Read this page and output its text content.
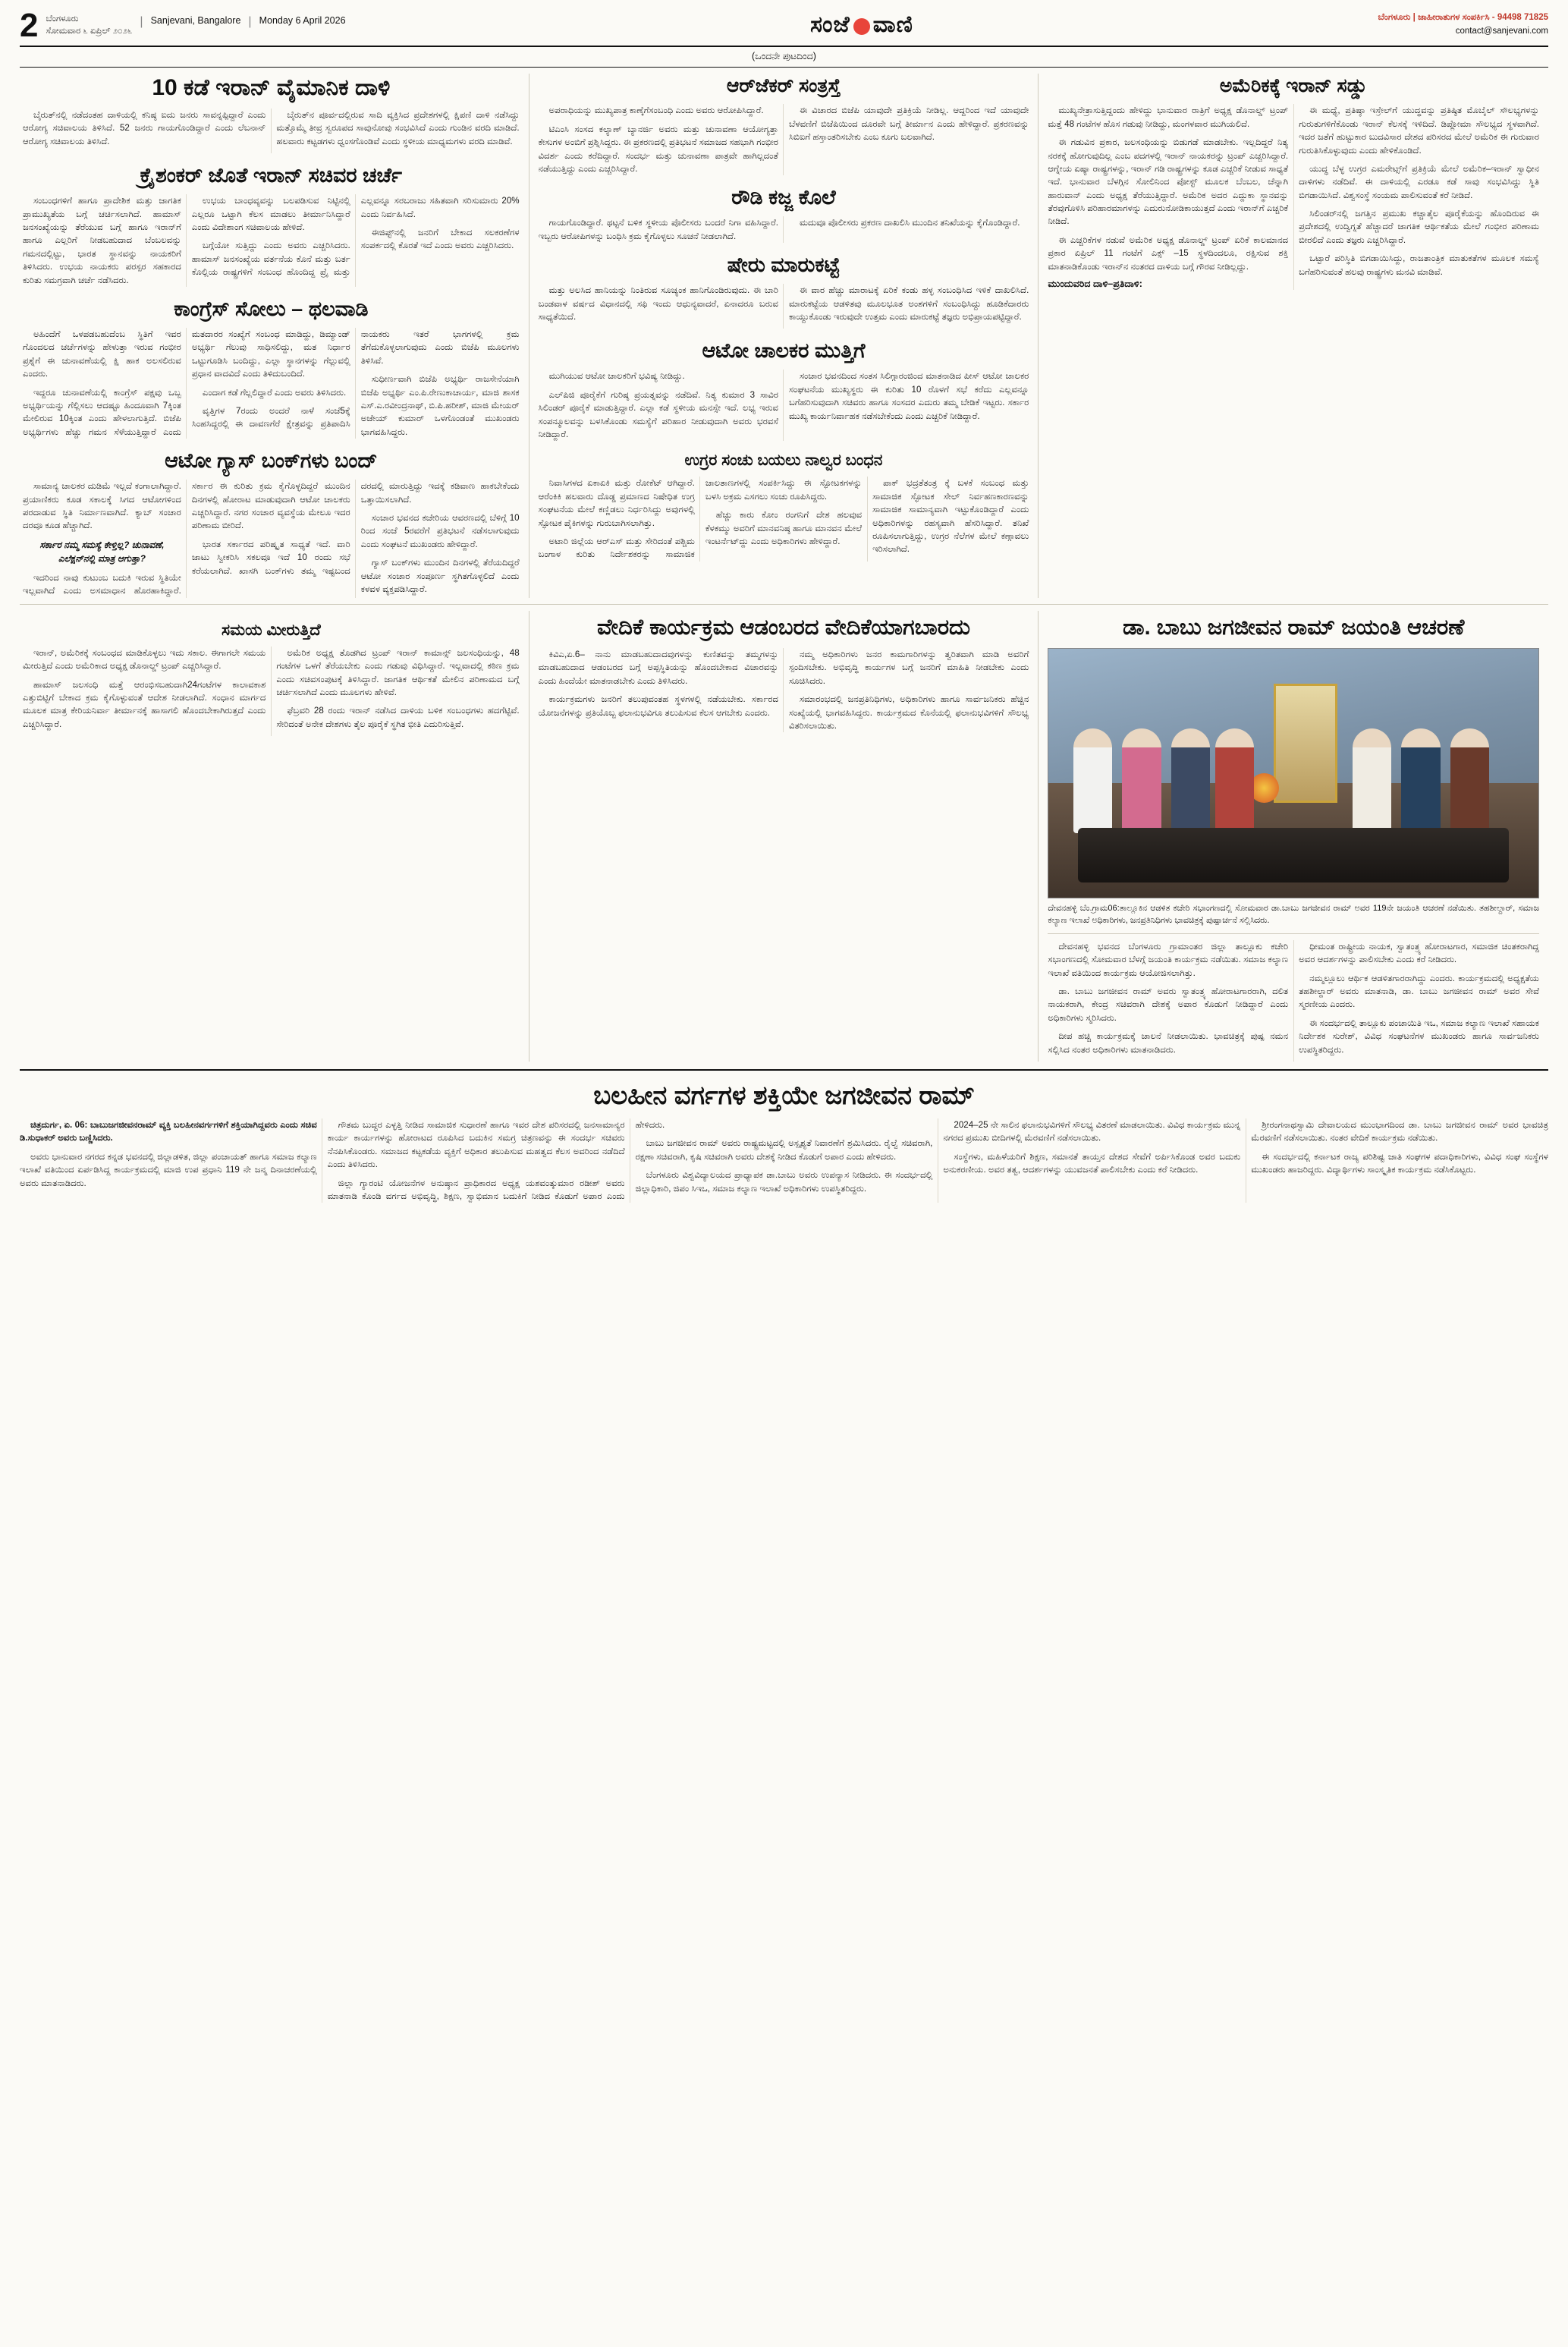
2 ಬೆಂಗಳೂರು
ಸೋಮವಾರ ೬ ಏಪ್ರಿಲ್ ೨೦೨೬
| Sanjevani, Bangalore | Monday 6 April 2026	ಸಂಜೆ ವಾಣಿ	ಬೆಂಗಳೂರು | ಜಾಹೀರಾತುಗಳ ಸಂಪರ್ಕಿಸಿ - 94498 71825
contact@sanjevani.com
(ಒಂದನೇ ಪುಟದಿಂದ)
10 ಕಡೆ ಇರಾನ್ ವೈಮಾನಿಕ ದಾಳಿ

ಬೈರುತ್‌ನಲ್ಲಿ ನಡೆದಂತಹ ದಾಳಿಯಲ್ಲಿ ಕನಿಷ್ಠ ಐದು ಜನರು ಸಾವನ್ನಪ್ಪಿದ್ದಾರೆ ಎಂದು ಆರೋಗ್ಯ ಸಚಿವಾಲಯ ತಿಳಿಸಿದೆ. 52 ಜನರು ಗಾಯಗೊಂಡಿದ್ದಾರೆ ಎಂದು ಲೆಬನಾನ್ ಆರೋಗ್ಯ ಸಚಿವಾಲಯ ತಿಳಿಸಿದೆ.

ಬೈರುತ್‌ನ ಪೂರ್ವದಲ್ಲಿರುವ ಸಾದಿ ವ್ಯಕ್ತಿಸಿದ ಪ್ರದೇಶಗಳಲ್ಲಿ ಕ್ಷಿಪಣಿ ದಾಳಿ ನಡೆಸಿದ್ದು ಮತ್ತೊಮ್ಮೆ ತೀವ್ರ ಸ್ವರೂಪದ ಸಾವುನೋವು ಸಂಭವಿಸಿದೆ ಎಂದು ಗುಂಡಿನ ವರದಿ ಮಾಡಿದೆ. ಹಲವಾರು ಕಟ್ಟಡಗಳು ಧ್ವಂಸಗೊಂಡಿವೆ ಎಂದು ಸ್ಥಳೀಯ ಮಾಧ್ಯಮಗಳು ವರದಿ ಮಾಡಿವೆ.

ಕ್ರೈಶಂಕರ್ ಜೊತೆ ಇರಾನ್ ಸಚಿವರ ಚರ್ಚೆ

ಸಂಬಂಧಗಳಿಗೆ ಹಾಗೂ ಪ್ರಾದೇಶಿಕ ಮತ್ತು ಜಾಗತಿಕ ಪ್ರಾಮುಖ್ಯತೆಯ ಬಗ್ಗೆ ಚರ್ಚಿಸಲಾಗಿದೆ. ಹಾಮಾಸ್ ಜನಸಂಖ್ಯೆಯನ್ನು ತೆರೆಯುವ ಬಗ್ಗೆ ಹಾಗೂ ಇರಾನ್‌ಗೆ ಹಾಗೂ ಎಲ್ಲರಿಗೆ ನೀಡಬಹುದಾದ ಬೆಂಬಲವನ್ನು ಗಮನದಲ್ಲಿಟ್ಟು, ಭಾರತ ಸ್ಥಾನವನ್ನು ನಾಯಕರಿಗೆ ತಿಳಿಸಿದರು. ಉಭಯ ನಾಯಕರು ಪರಸ್ಪರ ಸಹಕಾರದ ಕುರಿತು ಸಮಗ್ರವಾಗಿ ಚರ್ಚೆ ನಡೆಸಿದರು.

ಉಭಯ ಬಾಂಧವ್ಯವನ್ನು ಬಲಪಡಿಸುವ ನಿಟ್ಟಿನಲ್ಲಿ ಎಲ್ಲರೂ ಒಟ್ಟಾಗಿ ಕೆಲಸ ಮಾಡಲು ತೀರ್ಮಾನಿಸಿದ್ದಾರೆ ಎಂದು ವಿದೇಶಾಂಗ ಸಚಿವಾಲಯ ಹೇಳಿದೆ.

ಬಗ್ಗೆಯೋ ಸುತ್ತಿದ್ದು ಎಂದು ಅವರು ಎಚ್ಚರಿಸಿದರು. ಹಾಮಾಸ್ ಜನಸಂಖ್ಯೆಯ ವರ್ತನೆಯ ಕೊನೆ ಮತ್ತು ಬರ್ತ ಕೊಲ್ಲಿಯ ರಾಷ್ಟ್ರಗಳಿಗೆ ಸಂಬಂಧ ಹೊಂದಿದ್ದ ಪ್ರೈ ಮತ್ತು ಎಲ್ಲವನ್ನೂ ಸರಬರಾಜು ಸಹಿತವಾಗಿ ಸರಿಸುಮಾರು 20% ಎಂದು ನಿರ್ವಹಿಸಿದೆ.

ಈಜಿಪ್ಟ್‌ನಲ್ಲಿ ಜನರಿಗೆ ಬೇಕಾದ ಸಲಕರಣೆಗಳ ಸಂಪರ್ಕದಲ್ಲಿ ಕೊರತೆ ಇದೆ ಎಂದು ಅವರು ಎಚ್ಚರಿಸಿದರು.

ಕಾಂಗ್ರೆಸ್ ಸೋಲು – ಥಲವಾಡಿ

ಅಹಿಂದೆಗೆ ಒಳಪಡಬಹುದೆಂಬ ಸ್ಥಿತಿಗೆ ಇವರ ಗೊಂದಲದ ಚರ್ಚೆಗಳನ್ನು ಹೇಳುತ್ತಾ ಇರುವ ಗಂಭೀರ ಪ್ರಶ್ನೆಗೆ ಈ ಚುನಾವಣೆಯಲ್ಲಿ ಕ್ಷಿ ಹಾಕ ಅಲಸಲಿರುವ ಎಂದರು.

ಇದ್ದರೂ ಚುನಾವಣೆಯಲ್ಲಿ ಕಾಂಗ್ರೆಸ್ ಪಕ್ಷವು ಒಬ್ಬ ಅಭ್ಯರ್ಥಿಯನ್ನು ಗೆಲ್ಲಿಸಲು ಆದಷ್ಟೂ ಹಿಂದೂವಾಗಿ 7ಕ್ಕಿಂತ ಮೇಲಿರುವ 10ಕ್ಕಿಂತ ಎಂದು ಹೇಳಲಾಗುತ್ತಿದೆ. ಬಿಜೆಪಿ ಅಭ್ಯರ್ಥಿಗಳು ಹೆಚ್ಚು ಗಮನ ಸೆಳೆಯುತ್ತಿದ್ದಾರೆ ಎಂದು ಮತದಾರರ ಸಂಖ್ಯೆಗೆ ಸಂಬಂಧ ಮಾಡಿದ್ದು, ಡಿಮ್ಯಾಂಡ್ ಅಭ್ಯರ್ಥಿ ಗೆಲುವು ಸಾಧಿಸಲಿದ್ದು, ಮತ ನಿರ್ಧಾರ ಒಟ್ಟುಗೂಡಿಸಿ ಬಂದಿದ್ದು, ಎಲ್ಲಾ ಸ್ಥಾನಗಳನ್ನು ಗೆಲ್ಲುವಲ್ಲಿ ಪ್ರಧಾನ ವಾದವಿದೆ ಎಂದು ತಿಳಿದುಬಂದಿದೆ.

ಎಂದಾಗ ಕಡೆ ಗೆಲ್ಲಲಿದ್ದಾರೆ ಎಂದು ಅವರು ತಿಳಿಸಿದರು.

ವೃತ್ತಿಗಳ 7ರಂದು ಅಂದರೆ ನಾಳೆ ಸಂಜೆ5ಕ್ಕೆ ಸಿಂಹಸಿದ್ದರಲ್ಲಿ ಈ ದಾವಣಗೆರೆ ಕ್ಷೇತ್ರವನ್ನು ಪ್ರತಿಪಾದಿಸಿ ನಾಯಕರು ಇತರೆ ಭಾಗಗಳಲ್ಲಿ ಕ್ರಮ ತೆಗೆದುಕೊಳ್ಳಲಾಗುವುದು ಎಂದು ಬಿಜೆಪಿ ಮೂಲಗಳು ತಿಳಿಸಿವೆ.

ಸುಧೀರ್ಣವಾಗಿ ಬಿಜೆಪಿ ಅಭ್ಯರ್ಥಿ ರಾಜಸೇನೆಯಾಗಿ ಬಿಜೆಪಿ ಅಭ್ಯರ್ಥಿ ಎಂ.ಪಿ.ರೇಣುಕಾಚಾರ್ಯ, ಮಾಜಿ ಶಾಸಕ ಎಸ್.ಎ.ರವೀಂದ್ರನಾಥ್, ಬಿ.ಪಿ.ಹರೀಶ್, ಮಾಜಿ ಮೇಯರ್ ಅಜೇಯ್ ಕುಮಾರ್ ಒಳಗೊಂಡಂತೆ ಮುಖಂಡರು ಭಾಗವಹಿಸಿದ್ದರು.

ಆಟೋ ಗ್ಯಾಸ್ ಬಂಕ್‌ಗಳು ಬಂದ್

ಸಾಮಾನ್ಯ ಚಾಲಕರ ದುಡಿಮೆ ಇಲ್ಲದೆ ಕಂಗಾಲಾಗಿದ್ದಾರೆ. ಪ್ರಯಾಣಿಕರು ಕೂಡ ಸಕಾಲಕ್ಕೆ ಸಿಗದ ಆಟೋಗಳಿಂದ ಪರದಾಡುವ ಸ್ಥಿತಿ ನಿರ್ಮಾಣವಾಗಿದೆ. ಕ್ಯಾಬ್ ಸಂಚಾರ ದರವೂ ಕೂಡ ಹೆಚ್ಚಾಗಿದೆ.

ಸರ್ಕಾರ ನಮ್ಮ ಸಮಸ್ಯೆ ಕೇಳ್ತಿಲ್ಲ? ಚುನಾವಣೆ, ಎಲೆಕ್ಷನ್‌ನಲ್ಲಿ ಮಾತ್ರ ಆಗುತ್ತಾ?

ಇದರಿಂದ ನಾವು ಕುಟುಂಬ ಬದುಕಿ ಇರುವ ಸ್ಥಿತಿಯೇ ಇಲ್ಲವಾಗಿದೆ ಎಂದು ಅಸಮಾಧಾನ ಹೊರಹಾಕಿದ್ದಾರೆ. ಸರ್ಕಾರ ಈ ಕುರಿತು ಕ್ರಮ ಕೈಗೊಳ್ಳದಿದ್ದರೆ ಮುಂದಿನ ದಿನಗಳಲ್ಲಿ ಹೋರಾಟ ಮಾಡುವುದಾಗಿ ಆಟೋ ಚಾಲಕರು ಎಚ್ಚರಿಸಿದ್ದಾರೆ. ನಗರ ಸಂಚಾರ ವ್ಯವಸ್ಥೆಯ ಮೇಲೂ ಇದರ ಪರಿಣಾಮ ಬೀರಿದೆ.

ಭಾರತ ಸರ್ಕಾರದ ಪರಿಷ್ಕೃತ ಸಾಧ್ಯತೆ ಇದೆ. ವಾರಿ ಜಾಟು ಸ್ವೀಕರಿಸಿ ಸಕಲವೂ ಇದೆ 10 ರಂದು ಸಭೆ ಕರೆಯಲಾಗಿದೆ. ಖಾಸಗಿ ಬಂಕ್‌ಗಳು ತಮ್ಮ ಇಷ್ಟಬಂದ ದರದಲ್ಲಿ ಮಾರುತ್ತಿದ್ದು ಇದಕ್ಕೆ ಕಡಿವಾಣ ಹಾಕಬೇಕೆಂದು ಒತ್ತಾಯಿಸಲಾಗಿದೆ.

ಸಂಚಾರ ಭವನದ ಕಚೇರಿಯ ಆವರಣದಲ್ಲಿ ಬೆಳಿಗ್ಗೆ 10 ರಿಂದ ಸಂಜೆ 5ರವರೆಗೆ ಪ್ರತಿಭಟನೆ ನಡೆಸಲಾಗುವುದು ಎಂದು ಸಂಘಟನೆ ಮುಖಂಡರು ಹೇಳಿದ್ದಾರೆ.

ಗ್ಯಾಸ್ ಬಂಕ್‌ಗಳು ಮುಂದಿನ ದಿನಗಳಲ್ಲಿ ತೆರೆಯದಿದ್ದರೆ ಆಟೋ ಸಂಚಾರ ಸಂಪೂರ್ಣ ಸ್ಥಗಿತಗೊಳ್ಳಲಿದೆ ಎಂದು ಕಳವಳ ವ್ಯಕ್ತಪಡಿಸಿದ್ದಾರೆ.

ಆರ್‌ಜೆಕರ್ ಸಂತ್ರಸ್ತೆ

ಅಪರಾಧಿಯನ್ನು ಮುಖ್ಯಪಾತ್ರ ಕಾಣ್ಕೆಗೆಸಂಬಂಧಿ ಎಂದು ಅವರು ಆರೋಪಿಸಿದ್ದಾರೆ.

ಟಿಎಂಸಿ ಸಂಸದ ಕಲ್ಯಾಣ್ ಬ್ಯಾನರ್ಜಿ ಅವರು ಮತ್ತು ಚುನಾವಣಾ ಆಯೋಗ್ಯತ್ತಾ ಕೇಸುಗಳ ಅಂಬಿಗೆ ಪ್ರಶ್ನಿಸಿದ್ದರು. ಈ ಪ್ರಕರಣದಲ್ಲಿ ಪ್ರತಿಭಟನೆ ಸಮಾಜದ ಸಹಭಾಗಿ ಗಂಭೀರ ವಿದರ್ಶ ಎಂದು ಕರೆದಿದ್ದಾರೆ. ಸಂದರ್ಭ ಮತ್ತು ಚುನಾವಣಾ ಪಾತ್ರವೇ ಹಾಗಿಲ್ಲದಂತೆ ನಡೆಯುತ್ತಿದ್ದು ಎಂದು ಎಚ್ಚರಿಸಿದ್ದಾರೆ.

ಈ ವಿಚಾರದ ಬಿಜೆಪಿ ಯಾವುದೇ ಪ್ರತಿಕ್ರಿಯೆ ನೀಡಿಲ್ಲ. ಆದ್ದರಿಂದ ಇದೆ ಯಾವುದೇ ಬೆಳವಣಿಗೆ ಬಿಜೆಪಿಯಿಂದ ದೂರವೇ ಬಗ್ಗೆ ತೀರ್ಮಾನ ಎಂದು ಹೇಳಿದ್ದಾರೆ. ಪ್ರಕರಣವನ್ನು ಸಿಬಿಐಗೆ ಹಸ್ತಾಂತರಿಸಬೇಕು ಎಂಬ ಕೂಗು ಬಲವಾಗಿದೆ.

ರೌಡಿ ಕಜ್ಜ ಕೊಲೆ

ಗಾಯಗೊಂಡಿದ್ದಾರೆ. ಥಟ್ಟನೆ ಬಳಿಕ ಸ್ಥಳೀಯ ಪೊಲೀಸರು ಬಂದರೆ ನಿಗಾ ವಹಿಸಿದ್ದಾರೆ. ಇಬ್ಬರು ಆರೋಪಿಗಳನ್ನು ಬಂಧಿಸಿ ಕ್ರಮ ಕೈಗೊಳ್ಳಲು ಸೂಚನೆ ನೀಡಲಾಗಿದೆ.

ಮದುವೂ ಪೊಲೀಸರು ಪ್ರಕರಣ ದಾಖಲಿಸಿ ಮುಂದಿನ ತನಿಖೆಯನ್ನು ಕೈಗೊಂಡಿದ್ದಾರೆ.

ಷೇರು ಮಾರುಕಟ್ಟೆ

ಮತ್ತು ಅಲಸಿದ ಹಾನಿಯನ್ನು ನಿಂತಿರುವ ಸೂಚ್ಯಂಕ ಹಾನಿಗೊಂಡಿರುವುದು. ಈ ಬಾರಿ ಬಂಡವಾಳ ವರ್ಷದ ವಿಧಾನದಲ್ಲಿ ಸಫಿ ಇಂದು ಆಧುನ್ಯವಾದರೆ, ಏನಾದರೂ ಬರುವ ಸಾಧ್ಯತೆಯಿದೆ.

ಈ ವಾರ ಹೆಚ್ಚು ಮಾರಾಟಕ್ಕೆ ಏರಿಕೆ ಕಂಡು ಹಳ್ಳ ಸಂಬಂಧಿಸಿದ ಇಳಿಕೆ ದಾಖಲಿಸಿದೆ. ಮಾರುಕಟ್ಟೆಯ ಆಡಳಿತವು ಮೂಲಭೂತ ಅಂಶಗಳಿಗೆ ಸಂಬಂಧಿಸಿದ್ದು ಹೂಡಿಕೆದಾರರು ಕಾಯ್ದುಕೊಂಡು ಇರುವುದೇ ಉತ್ತಮ ಎಂದು ಮಾರುಕಟ್ಟೆ ತಜ್ಞರು ಅಭಿಪ್ರಾಯಪಟ್ಟಿದ್ದಾರೆ.

ಆಟೋ ಚಾಲಕರ ಮುತ್ತಿಗೆ

ಮುಗಿಯುವ ಆಟೋ ಚಾಲಕರಿಗೆ ಭವಿಷ್ಯ ನೀಡಿದ್ದು.

ಎಲ್‌ಪಿಜಿ ಪೂರೈಕೆಗೆ ಗುರಿಷ್ಠ ಪ್ರಯತ್ನವನ್ನು ನಡೆದಿವೆ. ನಿತ್ಯ ಕುಮಾರ 3 ಸಾವಿರ ಸಿಲಿಂಡರ್ ಪೂರೈಕೆ ಮಾಡುತ್ತಿದ್ದಾರೆ. ಎಲ್ಲಾ ಕಡೆ ಸ್ಥಳೀಯ ಮನಸ್ಸೇ ಇದೆ. ಲಭ್ಯ ಇರುವ ಸಂಪನ್ಮೂಲವನ್ನು ಬಳಸಿಕೊಂಡು ಸಮಸ್ಯೆಗೆ ಪರಿಹಾರ ನೀಡುವುದಾಗಿ ಅವರು ಭರವಸೆ ನೀಡಿದ್ದಾರೆ.

ಸಂಚಾರ ಭವನದಿಂದ ಸಂತಸ ಸಿಲಿಗ್ಗಾರಂಜಿಂದ ಮಾತನಾಡಿದ ಪೀಸ್ ಆಟೋ ಚಾಲಕರ ಸಂಘಟನೆಯ ಮುಖ್ಯಸ್ಥರು ಈ ಕುರಿತು 10 ರೊಳಗೆ ಸಭೆ ಕರೆದು ಎಲ್ಲವನ್ನೂ ಬಗೆಹರಿಸುವುದಾಗಿ ಸಚಿವರು ಹಾಗೂ ಸಂಸದರ ಎದುರು ತಮ್ಮ ಬೇಡಿಕೆ ಇಟ್ಟರು. ಸರ್ಕಾರ ಮುಖ್ಯ ಕಾರ್ಯನಿರ್ವಾಹಕ ನಡೆಸಬೇಕೆಂದು ಎಂದು ಎಚ್ಚರಿಕೆ ನೀಡಿದ್ದಾರೆ.

ಉಗ್ರರ ಸಂಚು ಬಯಲು ನಾಲ್ವರ ಬಂಧನ

ನಿವಾಸಿಗಳದ ಏಕಾಏಕಿ ಮತ್ತು ರೋಕೆಟ್ ಆಗಿದ್ದಾರೆ. ಆರೆಂಕಿಕಿ ಹಲವಾರು ದೊಡ್ಡ ಪ್ರಮಾಣದ ನಿಷೇಧಿತ ಉಗ್ರ ಸಂಘಟನೆಯ ಮೇಲೆ ಕಣ್ಣಿಡಲು ನಿರ್ಧರಿಸಿದ್ದು ಅವುಗಳಲ್ಲಿ ಸ್ಫೋಟಕ ಪೈಕಿಗಳನ್ನು ಗುರುಬಾಗಿಸಲಾಗಿತ್ತು.

ಅಟಾರಿ ಜಿಲ್ಲೆಯ ಆರ್‌ಎಸ್ ಮತ್ತು ಸೇರಿದಂತೆ ಪಶ್ಚಿಮ ಬಂಗಾಳ ಕುರಿತು ನಿರ್ದೇಶಕರನ್ನು ಸಾಮಾಜಿಕ ಜಾಲತಾಣಗಳಲ್ಲಿ ಸಂಪರ್ಕಿಸಿದ್ದು ಈ ಸ್ಫೋಟಕಗಳನ್ನು ಬಳಸಿ ಅಕ್ರಮ ಎಸಗಲು ಸಂಚು ರೂಪಿಸಿದ್ದರು.

ಹೆಚ್ಚು ಕಾರು ಕೋಂ ರಂಗನಿಗೆ ದೇಶ ಹಲವುವ ಕೆಳಕಮ್ಮು ಅವರಿಗೆ ಮಾನವನಿಷ್ಠ ಹಾಗೂ ಮಾನವನ ಮೇಲೆ ಇಂಟರ್ನೆಟ್‌ದ್ದು ಎಂದು ಅಧಿಕಾರಿಗಳು ಹೇಳಿದ್ದಾರೆ.

ಪಾಕ್ ಭದ್ರತೆತಂತ್ರ ಕ್ಕೆ ಬಳಕೆ ಸಂಬಂಧ ಮತ್ತು ಸಾಮಾಜಿಕ ಸ್ಫೋಟಕ ಸೇಲ್ ನಿರ್ವಹಣಕಾರಣವನ್ನು ಸಾಮಾಜಿಕ ಸಾಮಾನ್ಯವಾಗಿ ಇಟ್ಟುಕೊಂಡಿದ್ದಾರೆ ಎಂದು ಅಧಿಕಾರಿಗಳನ್ನು ರಹಸ್ಯವಾಗಿ ಹೆಸರಿಸಿದ್ದಾರೆ. ತನಿಖೆ ರೂಪಿಸಲಾಗುತ್ತಿದ್ದು, ಉಗ್ರರ ನೆಲೆಗಳ ಮೇಲೆ ಕಣ್ಗಾವಲು ಇರಿಸಲಾಗಿದೆ.

ಅಮೆರಿಕಕ್ಕೆ ಇರಾನ್ ಸಡ್ಡು

ಮುಖ್ಯನೇತ್ರಾಸುತ್ತಿದ್ದಂದು ಹೇಳಿದ್ದು ಭಾನುವಾರ ರಾತ್ರಿಗೆ ಅಧ್ಯಕ್ಷ ಡೊನಾಲ್ಡ್ ಟ್ರಂಪ್ ಮತ್ತೆ 48 ಗಂಟೆಗಳ ಹೊಸ ಗಡುವು ನೀಡಿದ್ದು, ಮಂಗಳವಾರ ಮುಗಿಯಲಿದೆ.

ಈ ಗಡುವಿನ ಪ್ರಕಾರ, ಜಲಸಂಧಿಯನ್ನು ಬಿಡುಗಡೆ ಮಾಡಬೇಕು. ಇಲ್ಲದಿದ್ದರೆ ನಿತ್ಯ ನರಕಕ್ಕೆ ಹೋಗುವುದಿಲ್ಲ ಎಂಬ ಪದಗಳಲ್ಲಿ ಇರಾನ್ ನಾಯಕರನ್ನು ಟ್ರಂಪ್ ಎಚ್ಚರಿಸಿದ್ದಾರೆ. ಆಗ್ನೇಯ ಏಷ್ಯಾ ರಾಷ್ಟ್ರಗಳನ್ನು, ಇರಾನ್ ಗಡಿ ರಾಷ್ಟ್ರಗಳನ್ನು ಕೂಡ ಎಚ್ಚರಿಕೆ ನೀಡುವ ಸಾಧ್ಯತೆ ಇದೆ. ಭಾನುವಾರ ಬೆಳಗ್ಗಿನ ಸೋಲಿನಿಂದ ಪೋಸ್ಟ್ ಮೂಲಕ ಬೆಂಬಲ, ಚೆನ್ನಾಗಿ ಹಾರುವಾನ್ ಎಂದು ಅಧ್ಯಕ್ಷ ತೆರೆಯುತ್ತಿದ್ದಾರೆ. ಅಮೆರಿಕ ಅದರ ಎದ್ದುಕಾ ಸ್ಥಾನವನ್ನು ತೆರವುಗೊಳಿಸಿ ಪರಿಹಾರಮಾಗಳನ್ನು ಎದುರುನೋಡಿಕಾಯುತ್ತದೆ ಎಂದು ಇರಾನ್‌ಗೆ ಎಚ್ಚರಿಕೆ ನೀಡಿದೆ.

ಈ ಎಚ್ಚರಿಕೆಗಳ ನಡುವೆ ಅಮೆರಿಕ ಅಧ್ಯಕ್ಷ ಡೊನಾಲ್ಡ್ ಟ್ರಂಪ್ ಏರಿಕೆ ಕಾಲಮಾನದ ಪ್ರಕಾರ ಏಪ್ರಿಲ್ 11 ಗಂಟೆಗೆ ಎಕ್ಸ್ –15 ಸ್ಥಳದಿಂದಲೂ, ರಕ್ಷಿಸುವ ಶಕ್ತಿ ಮಾತನಾಡಿಕೊಂಡು ಇರಾನ್‌ನ ನಂತರದ ದಾಳಿಯ ಬಗ್ಗೆ ಗೌರವ ನೀಡಿಲ್ಲದ್ದು.

ಮುಂದುವರಿದ ದಾಳಿ–ಪ್ರತಿದಾಳಿ:

ಈ ಮಧ್ಯೆ, ಪ್ರತಿಷ್ಠಾ ಇಸ್ರೇಲ್‌ಗೆ ಯುದ್ಧವನ್ನು ಪ್ರತಿಷ್ಠಿತ ಮೊಬೈಲ್ ಸೌಲಭ್ಯಗಳನ್ನು ಗುರುತುಗಳಿಗೆಕೊಂಡು ಇರಾನ್ ಕೆಲಸಕ್ಕೆ ಇಳಿದಿದೆ. ಡಿಪ್ಲೋಮಾ ಸೌಲಭ್ಯದ ಸ್ಥಳವಾಗಿದೆ. ಇದರ ಜತೆಗೆ ಹುಟ್ಟುಕಾರ ಬುದವಿಸಾರ ದೇಶದ ಪರಿಸರದ ಮೇಲೆ ಅಮೆರಿಕ ಈ ಗುರುವಾರ ಗುರುತಿಸಿಕೊಳ್ಳುವುದು ಎಂದು ಹೇಳಿಕೊಂಡಿದೆ.

ಯುದ್ಧ ಬೆಳ್ಳ ಉಗ್ರರ ಎಮರೇಟ್ಸ್‌ಗೆ ಪ್ರತಿಕ್ರಿಯೆ ಮೇಲೆ ಅಮೆರಿಕ–ಇರಾನ್ ಸ್ವಾಧೀನ ದಾಳಿಗಳು ನಡೆದಿವೆ. ಈ ದಾಳಿಯಲ್ಲಿ ಎರಡೂ ಕಡೆ ಸಾವು ಸಂಭವಿಸಿದ್ದು ಸ್ಥಿತಿ ಬಿಗಡಾಯಿಸಿದೆ. ವಿಶ್ವಸಂಸ್ಥೆ ಸಂಯಮ ಪಾಲಿಸುವಂತೆ ಕರೆ ನೀಡಿದೆ.

ಸಿಲಿಂಡರ್‌ನಲ್ಲಿ ಜಗತ್ತಿನ ಪ್ರಮುಖ ಕಚ್ಚಾತೈಲ ಪೂರೈಕೆಯನ್ನು ಹೊಂದಿರುವ ಈ ಪ್ರದೇಶದಲ್ಲಿ ಉದ್ವಿಗ್ನತೆ ಹೆಚ್ಚಾದರೆ ಜಾಗತಿಕ ಆರ್ಥಿಕತೆಯ ಮೇಲೆ ಗಂಭೀರ ಪರಿಣಾಮ ಬೀರಲಿದೆ ಎಂದು ತಜ್ಞರು ಎಚ್ಚರಿಸಿದ್ದಾರೆ.

ಒಟ್ಟಾರೆ ಪರಿಸ್ಥಿತಿ ಬಿಗಡಾಯಿಸಿದ್ದು, ರಾಜತಾಂತ್ರಿಕ ಮಾತುಕತೆಗಳ ಮೂಲಕ ಸಮಸ್ಯೆ ಬಗೆಹರಿಸುವಂತೆ ಹಲವು ರಾಷ್ಟ್ರಗಳು ಮನವಿ ಮಾಡಿವೆ.

ಸಮಯ ಮೀರುತ್ತಿದೆ

ಇರಾನ್, ಅಮೆರಿಕಕ್ಕೆ ಸಂಬಂಧದ ಮಾಡಿಕೊಳ್ಳಲು ಇದು ಸಕಾಲ. ಈಗಾಗಲೇ ಸಮಯ ಮೀರುತ್ತಿದೆ ಎಂದು ಅಮೆರಿಕಾದ ಅಧ್ಯಕ್ಷ ಡೊನಾಲ್ಡ್ ಟ್ರಂಪ್ ಎಚ್ಚರಿಸಿದ್ದಾರೆ.

ಹಾಮಾಸ್ ಜಲಸಂಧಿ ಮತ್ತೆ ಆರಂಭಿಸಬಹುದಾಗಿ24ಗಂಟೆಗಳ ಕಾಲಾವಕಾಶ ಎತ್ತುಬಿಟ್ಟಿಗೆ ಬೇಕಾದ ಕ್ರಮ ಕೈಗೊಳ್ಳುವಂತೆ ಆದೇಶ ನೀಡಲಾಗಿದೆ. ಸಂಧಾನ ಮಾರ್ಗದ ಮೂಲಕ ಮಾತ್ರ ಕೇರಿಯನಿರ್ವಾ ತೀರ್ಮಾನಕ್ಕೆ ಹಾಸಾಗಲಿ ಹೊಂದಬೇಕಾಗಿರುತ್ತದೆ ಎಂದು ಎಚ್ಚರಿಸಿದ್ದಾರೆ.

ಅಮೆರಿಕ ಅಧ್ಯಕ್ಷ ತೊಡಗಿದ ಟ್ರಂಪ್ ಇರಾನ್ ಕಾಮಾನ್ಸ್ ಜಲಸಂಧಿಯನ್ನು, 48 ಗಂಟೆಗಳ ಒಳಗೆ ತೆರೆಯಬೇಕು ಎಂದು ಗಡುವು ವಿಧಿಸಿದ್ದಾರೆ. ಇಲ್ಲವಾದಲ್ಲಿ ಕಠಿಣ ಕ್ರಮ ಎಂದು ಸಚಿವಸಂಪುಟಕ್ಕೆ ತಿಳಿಸಿದ್ದಾರೆ. ಜಾಗತಿಕ ಆರ್ಥಿಕತೆ ಮೇಲಿನ ಪರಿಣಾಮದ ಬಗ್ಗೆ ಚರ್ಚಿಸಲಾಗಿದೆ ಎಂದು ಮೂಲಗಳು ಹೇಳಿವೆ.

ಫೆಬ್ರವರಿ 28 ರಂದು ಇರಾನ್ ನಡೆಸಿದ ದಾಳಿಯ ಬಳಿಕ ಸಂಬಂಧಗಳು ಹದಗೆಟ್ಟಿವೆ. ಸೇರಿದಂತೆ ಅನೇಕ ದೇಶಗಳು ತೈಲ ಪೂರೈಕೆ ಸ್ಥಗಿತ ಭೀತಿ ಎದುರಿಸುತ್ತಿವೆ.

ವೇದಿಕೆ ಕಾರ್ಯಕ್ರಮ ಆಡಂಬರದ ವೇದಿಕೆಯಾಗಬಾರದು

ಕಿವಿಎ,ಏ.6– ನಾನು ಮಾಡಬಹುದಾದವುಗಳನ್ನು ಕುಣಿತವನ್ನು ತಮ್ಮಗಳನ್ನು ಮಾಡಬಹುದಾದ ಆಡಂಬರದ ಬಗ್ಗೆ ಅಪ್ಪಸ್ಥಿತಿಯನ್ನು ಹೊಂದಬೇಕಾದ ವಿಚಾರವನ್ನು ಎಂದು ಹಿಂದೆಯೇ ಮಾತನಾಡಬೇಕು ಎಂದು ತಿಳಿಸಿದರು.

ಕಾರ್ಯಕ್ರಮಗಳು ಜನರಿಗೆ ತಲುಪುವಂತಹ ಸ್ಥಳಗಳಲ್ಲಿ ನಡೆಯಬೇಕು. ಸರ್ಕಾರದ ಯೋಜನೆಗಳನ್ನು ಪ್ರತಿಯೊಬ್ಬ ಫಲಾನುಭವಿಗೂ ತಲುಪಿಸುವ ಕೆಲಸ ಆಗಬೇಕು ಎಂದರು.

ನಮ್ಮ ಅಧಿಕಾರಿಗಳು ಜನರ ಕಾಮಗಾರಿಗಳನ್ನು ತ್ವರಿತವಾಗಿ ಮಾಡಿ ಅವರಿಗೆ ಸ್ಪಂದಿಸಬೇಕು. ಅಭಿವೃದ್ಧಿ ಕಾರ್ಯಗಳ ಬಗ್ಗೆ ಜನರಿಗೆ ಮಾಹಿತಿ ನೀಡಬೇಕು ಎಂದು ಸೂಚಿಸಿದರು.

ಸಮಾರಂಭದಲ್ಲಿ ಜನಪ್ರತಿನಿಧಿಗಳು, ಅಧಿಕಾರಿಗಳು ಹಾಗೂ ಸಾರ್ವಜನಿಕರು ಹೆಚ್ಚಿನ ಸಂಖ್ಯೆಯಲ್ಲಿ ಭಾಗವಹಿಸಿದ್ದರು. ಕಾರ್ಯಕ್ರಮದ ಕೊನೆಯಲ್ಲಿ ಫಲಾನುಭವಿಗಳಿಗೆ ಸೌಲಭ್ಯ ವಿತರಿಸಲಾಯಿತು.

ಡಾ. ಬಾಬು ಜಗಜೀವನ ರಾಮ್ ಜಯಂತಿ ಆಚರಣೆ
ದೇವನಹಳ್ಳಿ ಬೆಂ.ಗ್ರಾಮ06:ತಾಲ್ಲೂಕಿನ ಆಡಳಿತ ಕಚೇರಿ ಸಭಾಂಗಣದಲ್ಲಿ ಸೋಮವಾರ ಡಾ.ಬಾಬು ಜಗಜೀವನ ರಾಮ್ ಅವರ 119ನೇ ಜಯಂತಿ ಆಚರಣೆ ನಡೆಯಿತು. ತಹಶೀಲ್ದಾರ್, ಸಮಾಜ ಕಲ್ಯಾಣ ಇಲಾಖೆ ಅಧಿಕಾರಿಗಳು, ಜನಪ್ರತಿನಿಧಿಗಳು ಭಾವಚಿತ್ರಕ್ಕೆ ಪುಷ್ಪಾರ್ಚನೆ ಸಲ್ಲಿಸಿದರು.

ದೇವನಹಳ್ಳಿ ಭವನದ ಬೆಂಗಳೂರು ಗ್ರಾಮಾಂತರ ಜಿಲ್ಲಾ ತಾಲ್ಲೂಕು ಕಚೇರಿ ಸಭಾಂಗಣದಲ್ಲಿ ಸೋಮವಾರ ಬೆಳಗ್ಗೆ ಜಯಂತಿ ಕಾರ್ಯಕ್ರಮ ನಡೆಯಿತು. ಸಮಾಜ ಕಲ್ಯಾಣ ಇಲಾಖೆ ವತಿಯಿಂದ ಕಾರ್ಯಕ್ರಮ ಆಯೋಜಿಸಲಾಗಿತ್ತು.

ಡಾ. ಬಾಬು ಜಗಜೀವನ ರಾಮ್ ಅವರು ಸ್ವಾತಂತ್ರ್ಯ ಹೋರಾಟಗಾರರಾಗಿ, ದಲಿತ ನಾಯಕರಾಗಿ, ಕೇಂದ್ರ ಸಚಿವರಾಗಿ ದೇಶಕ್ಕೆ ಅಪಾರ ಕೊಡುಗೆ ನೀಡಿದ್ದಾರೆ ಎಂದು ಅಧಿಕಾರಿಗಳು ಸ್ಮರಿಸಿದರು.

ದೀಪ ಹಚ್ಚಿ ಕಾರ್ಯಕ್ರಮಕ್ಕೆ ಚಾಲನೆ ನೀಡಲಾಯಿತು. ಭಾವಚಿತ್ರಕ್ಕೆ ಪುಷ್ಪ ನಮನ ಸಲ್ಲಿಸಿದ ನಂತರ ಅಧಿಕಾರಿಗಳು ಮಾತನಾಡಿದರು.

ಧೀಮಂತ ರಾಷ್ಟ್ರೀಯ ನಾಯಕ, ಸ್ವಾತಂತ್ರ್ಯ ಹೋರಾಟಗಾರ, ಸಮಾಜಿಕ ಚಿಂತಕರಾಗಿದ್ದ ಅವರ ಆದರ್ಶಗಳನ್ನು ಪಾಲಿಸಬೇಕು ಎಂದು ಕರೆ ನೀಡಿದರು.

ನಮ್ಮಲ್ಲೂಲು ಆರ್ಥಿಕ ಆಡಳಿತಗಾರರಾಗಿದ್ದು ಎಂದರು. ಕಾರ್ಯಕ್ರಮದಲ್ಲಿ ಅಧ್ಯಕ್ಷತೆಯ ತಹಶೀಲ್ದಾರ್ ಅವರು ಮಾತನಾಡಿ, ಡಾ. ಬಾಬು ಜಗಜೀವನ ರಾಮ್ ಅವರ ಸೇವೆ ಸ್ಮರಣೀಯ ಎಂದರು.

ಈ ಸಂದರ್ಭದಲ್ಲಿ ತಾಲ್ಲೂಕು ಪಂಚಾಯಿತಿ ಇಒ, ಸಮಾಜ ಕಲ್ಯಾಣ ಇಲಾಖೆ ಸಹಾಯಕ ನಿರ್ದೇಶಕ ಸುರೇಶ್, ವಿವಿಧ ಸಂಘಟನೆಗಳ ಮುಖಂಡರು ಹಾಗೂ ಸಾರ್ವಜನಿಕರು ಉಪಸ್ಥಿತರಿದ್ದರು.

ಬಲಹೀನ ವರ್ಗಗಳ ಶಕ್ತಿಯೇ ಜಗಜೀವನ ರಾಮ್

ಚಿತ್ರದುರ್ಗ, ಏ. 06: ಬಾಬುಜಗಜೀವನರಾಮ್ ವ್ಯಕ್ತಿ ಬಲಹೀನವರ್ಗಗಳಿಗೆ ಶಕ್ತಿಯಾಗಿದ್ದವರು ಎಂದು ಸಚಿವ ಡಿ.ಸುಧಾಕರ್ ಅವರು ಬಣ್ಣಿಸಿದರು.

ಅವರು ಭಾನುವಾರ ನಗರದ ಕನ್ನಡ ಭವನದಲ್ಲಿ ಜಿಲ್ಲಾಡಳಿತ, ಜಿಲ್ಲಾ ಪಂಚಾಯತ್ ಹಾಗೂ ಸಮಾಜ ಕಲ್ಯಾಣ ಇಲಾಖೆ ವತಿಯಿಂದ ಏರ್ಪಡಿಸಿದ್ದ ಕಾರ್ಯಕ್ರಮದಲ್ಲಿ ಮಾಜಿ ಉಪ ಪ್ರಧಾನಿ 119 ನೇ ಜನ್ಮ ದಿನಾಚರಣೆಯಲ್ಲಿ ಅವರು ಮಾತನಾಡಿದರು.

ಗೌತಮ ಬುದ್ಧರ ಎಳ್ಳತ್ತಿ ನೀಡಿದ ಸಾಮಾಜಿಕ ಸುಧಾರಣೆ ಹಾಗೂ ಇವರ ದೇಶ ಪರಿಸರದಲ್ಲಿ ಜನಸಾಮಾನ್ಯರ ಕಾರ್ಯ ಕಾರ್ಯಗಳನ್ನು ಹೋರಾಟದ ರೂಪಿಸಿದ ಬದುಕಿನ ಸಮಗ್ರ ಚಿತ್ರಣವನ್ನು ಈ ಸಂದರ್ಭ ಸಚಿವರು ನೆನಪಿಸಿಕೊಂಡರು. ಸಮಾಜದ ಕಟ್ಟಕಡೆಯ ವ್ಯಕ್ತಿಗೆ ಅಧಿಕಾರ ತಲುಪಿಸುವ ಮಹತ್ವದ ಕೆಲಸ ಅವರಿಂದ ನಡೆದಿದೆ ಎಂದು ತಿಳಿಸಿದರು.

ಜಿಲ್ಲಾ ಗ್ಯಾರಂಟಿ ಯೋಜನೆಗಳ ಅನುಷ್ಠಾನ ಪ್ರಾಧಿಕಾರದ ಅಧ್ಯಕ್ಷ ಯಶವಂತ್ಕುಮಾರ ರಡೀಶ್ ಅವರು ಮಾತನಾಡಿ ಕೊಂಡಿ ವರ್ಗದ ಅಭಿವೃದ್ಧಿ, ಶಿಕ್ಷಣ, ಸ್ವಾಭಿಮಾನ ಬದುಕಿಗೆ ನೀಡಿದ ಕೊಡುಗೆ ಅಪಾರ ಎಂದು ಹೇಳಿದರು.

ಬಾಬು ಜಗಜೀವನ ರಾಮ್ ಅವರು ರಾಷ್ಟ್ರಮಟ್ಟದಲ್ಲಿ ಅಸ್ಪೃಶ್ಯತೆ ನಿವಾರಣೆಗೆ ಶ್ರಮಿಸಿದರು. ರೈಲ್ವೆ ಸಚಿವರಾಗಿ, ರಕ್ಷಣಾ ಸಚಿವರಾಗಿ, ಕೃಷಿ ಸಚಿವರಾಗಿ ಅವರು ದೇಶಕ್ಕೆ ನೀಡಿದ ಕೊಡುಗೆ ಅಪಾರ ಎಂದು ಹೇಳಿದರು.

ಬೆಂಗಳೂರು ವಿಶ್ವವಿದ್ಯಾಲಯದ ಪ್ರಾಧ್ಯಾಪಕ ಡಾ.ಬಾಬು ಅವರು ಉಪನ್ಯಾಸ ನೀಡಿದರು. ಈ ಸಂದರ್ಭದಲ್ಲಿ ಜಿಲ್ಲಾಧಿಕಾರಿ, ಜಿಪಂ ಸಿಇಒ, ಸಮಾಜ ಕಲ್ಯಾಣ ಇಲಾಖೆ ಅಧಿಕಾರಿಗಳು ಉಪಸ್ಥಿತರಿದ್ದರು.

2024–25 ನೇ ಸಾಲಿನ ಫಲಾನುಭವಿಗಳಿಗೆ ಸೌಲಭ್ಯ ವಿತರಣೆ ಮಾಡಲಾಯಿತು. ವಿವಿಧ ಕಾರ್ಯಕ್ರಮ ಮುನ್ನ ನಗರದ ಪ್ರಮುಖ ಬೀದಿಗಳಲ್ಲಿ ಮೆರವಣಿಗೆ ನಡೆಸಲಾಯಿತು.

ಸಂಸ್ಥೆಗಳು, ಮಹಿಳೆಯರಿಗೆ ಶಿಕ್ಷಣ, ಸಮಾನತೆ ತಾಯ್ತನ ದೇಶದ ಸೇವೆಗೆ ಅರ್ಪಿಸಿಕೊಂಡ ಅವರ ಬದುಕು ಅನುಕರಣೀಯ. ಅವರ ತತ್ವ, ಆದರ್ಶಗಳನ್ನು ಯುವಜನತೆ ಪಾಲಿಸಬೇಕು ಎಂದು ಕರೆ ನೀಡಿದರು.

ಶ್ರೀರಂಗನಾಥಸ್ವಾಮಿ ದೇವಾಲಯದ ಮುಂಭಾಗದಿಂದ ಡಾ. ಬಾಬು ಜಗಜೀವನ ರಾಮ್ ಅವರ ಭಾವಚಿತ್ರ ಮೆರವಣಿಗೆ ನಡೆಸಲಾಯಿತು. ನಂತರ ವೇದಿಕೆ ಕಾರ್ಯಕ್ರಮ ನಡೆಯಿತು.

ಈ ಸಂದರ್ಭದಲ್ಲಿ ಕರ್ನಾಟಕ ರಾಜ್ಯ ಪರಿಶಿಷ್ಟ ಜಾತಿ ಸಂಘಗಳ ಪದಾಧಿಕಾರಿಗಳು, ವಿವಿಧ ಸಂಘ ಸಂಸ್ಥೆಗಳ ಮುಖಂಡರು ಹಾಜರಿದ್ದರು. ವಿದ್ಯಾರ್ಥಿಗಳು ಸಾಂಸ್ಕೃತಿಕ ಕಾರ್ಯಕ್ರಮ ನಡೆಸಿಕೊಟ್ಟರು.
